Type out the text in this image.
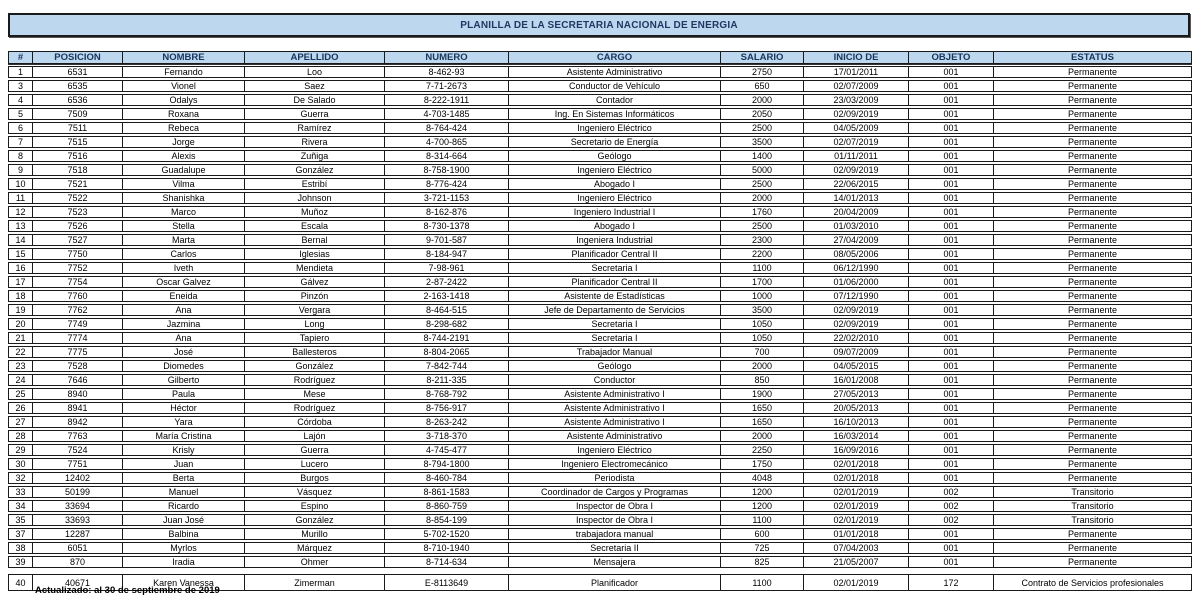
PLANILLA DE LA SECRETARIA NACIONAL DE ENERGIA
#	POSICION	NOMBRE	APELLIDO	NUMERO	CARGO	SALARIO	INICIO DE	OBJETO	ESTATUS
1	6531	Fernando	Loo	8-462-93	Asistente Administrativo	2750	17/01/2011	001	Permanente
3	6535	Vionel	Saez	7-71-2673	Conductor de Vehículo	650	02/07/2009	001	Permanente
4	6536	Odalys	De Salado	8-222-1911	Contador	2000	23/03/2009	001	Permanente
5	7509	Roxana	Guerra	4-703-1485	Ing. En Sistemas Informáticos	2050	02/09/2019	001	Permanente
6	7511	Rebeca	Ramírez	8-764-424	Ingeniero Eléctrico	2500	04/05/2009	001	Permanente
7	7515	Jorge	Rivera	4-700-865	Secretario de Energía	3500	02/07/2019	001	Permanente
8	7516	Alexis	Zuñiga	8-314-664	Geólogo	1400	01/11/2011	001	Permanente
9	7518	Guadalupe	González	8-758-1900	Ingeniero Eléctrico	5000	02/09/2019	001	Permanente
10	7521	Vilma	Estribí	8-776-424	Abogado I	2500	22/06/2015	001	Permanente
11	7522	Shanishka	Johnson	3-721-1153	Ingeniero Eléctrico	2000	14/01/2013	001	Permanente
12	7523	Marco	Muñoz	8-162-876	Ingeniero Industrial I	1760	20/04/2009	001	Permanente
13	7526	Stella	Escala	8-730-1378	Abogado I	2500	01/03/2010	001	Permanente
14	7527	Marta	Bernal	9-701-587	Ingeniera Industrial	2300	27/04/2009	001	Permanente
15	7750	Carlos	Iglesias	8-184-947	Planificador Central II	2200	08/05/2006	001	Permanente
16	7752	Iveth	Mendieta	7-98-961	Secretaria I	1100	06/12/1990	001	Permanente
17	7754	Oscar Galvez	Gálvez	2-87-2422	Planificador Central II	1700	01/06/2000	001	Permanente
18	7760	Eneida	Pinzón	2-163-1418	Asistente de Estadísticas	1000	07/12/1990	001	Permanente
19	7762	Ana	Vergara	8-464-515	Jefe de Departamento de Servicios	3500	02/09/2019	001	Permanente
20	7749	Jazmina	Long	8-298-682	Secretaria I	1050	02/09/2019	001	Permanente
21	7774	Ana	Tapiero	8-744-2191	Secretaria I	1050	22/02/2010	001	Permanente
22	7775	José	Ballesteros	8-804-2065	Trabajador Manual	700	09/07/2009	001	Permanente
23	7528	Diomedes	González	7-842-744	Geólogo	2000	04/05/2015	001	Permanente
24	7646	Gilberto	Rodríguez	8-211-335	Conductor	850	16/01/2008	001	Permanente
25	8940	Paula	Mese	8-768-792	Asistente Administrativo I	1900	27/05/2013	001	Permanente
26	8941	Héctor	Rodríguez	8-756-917	Asistente Administrativo I	1650	20/05/2013	001	Permanente
27	8942	Yara	Córdoba	8-263-242	Asistente Administrativo I	1650	16/10/2013	001	Permanente
28	7763	María Cristina	Lajón	3-718-370	Asistente Administrativo	2000	16/03/2014	001	Permanente
29	7524	Krisly	Guerra	4-745-477	Ingeniero Eléctrico	2250	16/09/2016	001	Permanente
30	7751	Juan	Lucero	8-794-1800	Ingeniero Electromecánico	1750	02/01/2018	001	Permanente
32	12402	Berta	Burgos	8-460-784	Periodista	4048	02/01/2018	001	Permanente
33	50199	Manuel	Vásquez	8-861-1583	Coordinador de Cargos y Programas	1200	02/01/2019	002	Transitorio
34	33694	Ricardo	Espino	8-860-759	Inspector de Obra I	1200	02/01/2019	002	Transitorio
35	33693	Juan José	González	8-854-199	Inspector de Obra I	1100	02/01/2019	002	Transitorio
37	12287	Balbina	Murillo	5-702-1520	trabajadora manual	600	01/01/2018	001	Permanente
38	6051	Myrlos	Márquez	8-710-1940	Secretaria II	725	07/04/2003	001	Permanente
39	870	Iradia	Ohmer	8-714-634	Mensajera	825	21/05/2007	001	Permanente

40	40671	Karen Vanessa	Zimerman	E-8113649	Planificador	1100	02/01/2019	172	Contrato de Servicios profesionales
Actualizado: al 30 de septiembre de 2019
